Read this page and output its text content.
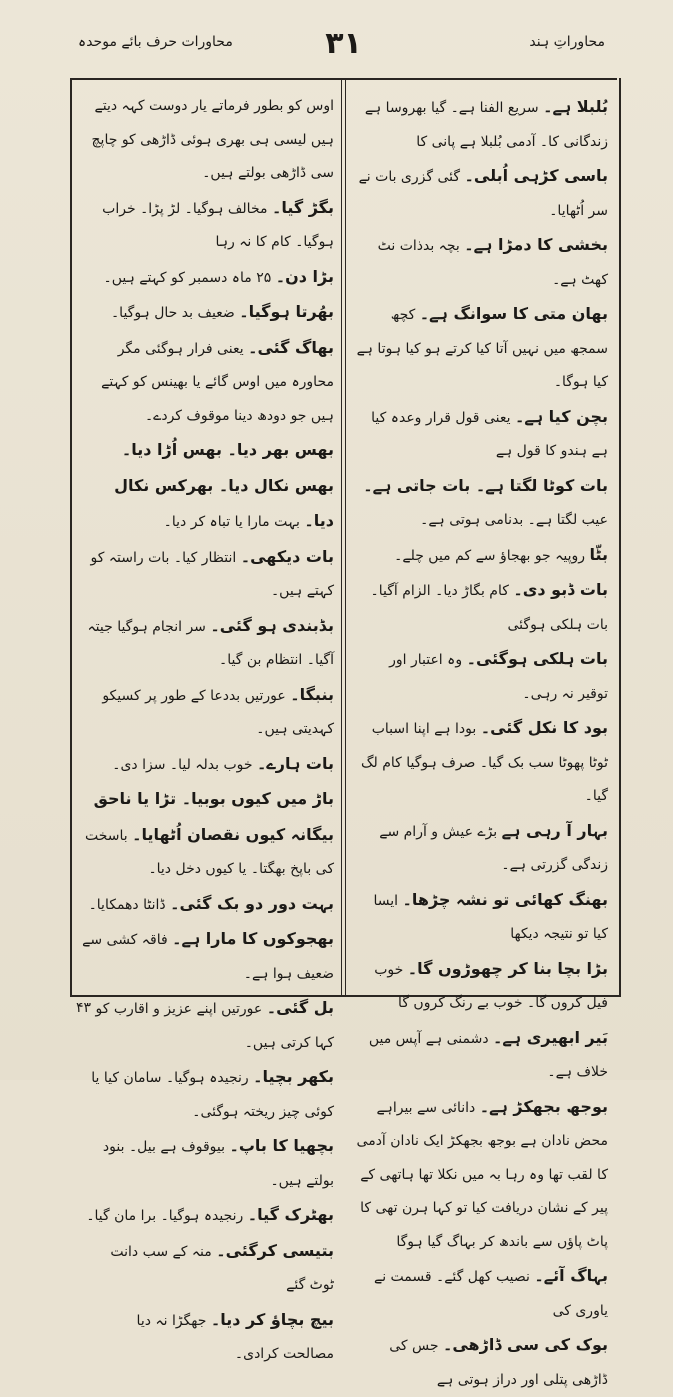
محاورات حرف بائے موحدہ	۳۱	محاوراتِ ہند
اوس کو بطور فرماتے یار دوست کہہ دیتے ہیں لیسی ہی بھری ہوئی ڈاڑھی کو چاپچ سی ڈاڑھی بولتے ہیں۔
بگڑ گیا۔ مخالف ہوگیا۔ لڑ پڑا۔ خراب ہوگیا۔ کام کا نہ رہا
بڑا دن۔ ۲۵ ماہ دسمبر کو کہتے ہیں۔
بھُرتا ہوگیا۔ ضعیف بد حال ہوگیا۔
بھاگ گئی۔ یعنی فرار ہوگئی مگر محاورہ میں اوس گائے یا بھینس کو کہتے ہیں جو دودھ دینا موقوف کردے۔
بھس بھر دیا۔ بھس اُڑا دیا۔ بھس نکال دیا۔ بھرکس نکال دیا۔ بہت مارا یا تباہ کر دیا۔
بات دیکھی۔ انتظار کیا۔ بات راستہ کو کہتے ہیں۔
بڈبندی ہو گئی۔ سر انجام ہوگیا جیتہ آگیا۔ انتظام بن گیا۔
بنبگا۔ عورتیں بددعا کے طور پر کسیکو کہدیتی ہیں۔
بات ہارے۔ خوب بدلہ لیا۔ سزا دی۔
باڑ میں کیوں بوبیا۔ تڑا یا ناحق بیگانہ کیوں نقصان اُٹھایا۔ باسخت کی باپخ بھگتا۔ یا کیوں دخل دیا۔
بہت دور دو بک گئی۔ ڈانٹا دھمکایا۔
بھجوکوں کا مارا ہے۔ فاقہ کشی سے ضعیف ہوا ہے۔
بل گئی۔ عورتیں اپنے عزیز و اقارب کو کہا کرتی ہیں۔
بکھر بچیا۔ رنجیدہ ہوگیا۔ سامان کیا یا کوئی چیز ریختہ ہوگئی۔
بچھیا کا باپ۔ بیوقوف ہے بیل۔ بنود بولتے ہیں۔
بھٹرک گیا۔ رنجیدہ ہوگیا۔ برا مان گیا۔
بتیسی کرگئی۔ منہ کے سب دانت ٹوٹ گئے
بیچ بچاؤ کر دیا۔ جھگڑا نہ دیا مصالحت کرادی۔
بُلبلا ہے۔ سریع الفنا ہے۔ گیا بھروسا ہے زندگانی کا۔ آدمی بُلبلا ہے پانی کا
باسی کڑہی اُبلی۔ گئی گزری بات نے سر اُٹھایا۔
بخشی کا دمڑا ہے۔ بچہ بدذات نٹ کھٹ ہے۔
بھان متی کا سوانگ ہے۔ کچھ سمجھ میں نہیں آتا کیا کرتے ہو کیا ہوتا ہے کیا ہوگا۔
بچن کیا ہے۔ یعنی قول قرار وعدہ کیا ہے ہندو کا قول ہے
بات کوٹا لگتا ہے۔ بات جاتی ہے۔ عیب لگتا ہے۔ بدنامی ہوتی ہے۔
بٹّا روپیہ جو بھجاؤ سے کم میں چلے۔
بات ڈبو دی۔ کام بگاڑ دیا۔ الزام آگیا۔ بات ہلکی ہوگئی
بات ہلکی ہوگئی۔ وہ اعتبار اور توقیر نہ رہی۔
بود کا نکل گئی۔ بودا ہے اپنا اسباب ٹوٹا پھوٹا سب بک گیا۔ صرف ہوگیا کام لگ گیا۔
بہار آ رہی ہے بڑے عیش و آرام سے زندگی گزرتی ہے۔
بھنگ کھائی تو نشہ چڑھا۔ ایسا کیا تو نتیجہ دیکھا
بڑا بچا بنا کر چھوڑوں گا۔ خوب فیل کروں گا۔ خوب بے رنگ کروں گا
بَیر ابھیری ہے۔ دشمنی ہے آپس میں خلاف ہے۔
بوجھ بجھکڑ ہے۔ دانائی سے بیراہے محض نادان ہے بوجھ بجھکڑ ایک نادان آدمی کا لقب تھا وہ رہا بہ میں نکلا تھا ہاتھی کے پیر کے نشان دریافت کیا تو کہا ہرن تھی کا پاٹ پاؤں سے باندھ کر بہاگ گیا ہوگا
بہاگ آئے۔ نصیب کھل گئے۔ قسمت نے یاوری کی
بوک کی سی ڈاڑھی۔ جس کی ڈاڑھی پتلی اور دراز ہوتی ہے
۴۳
